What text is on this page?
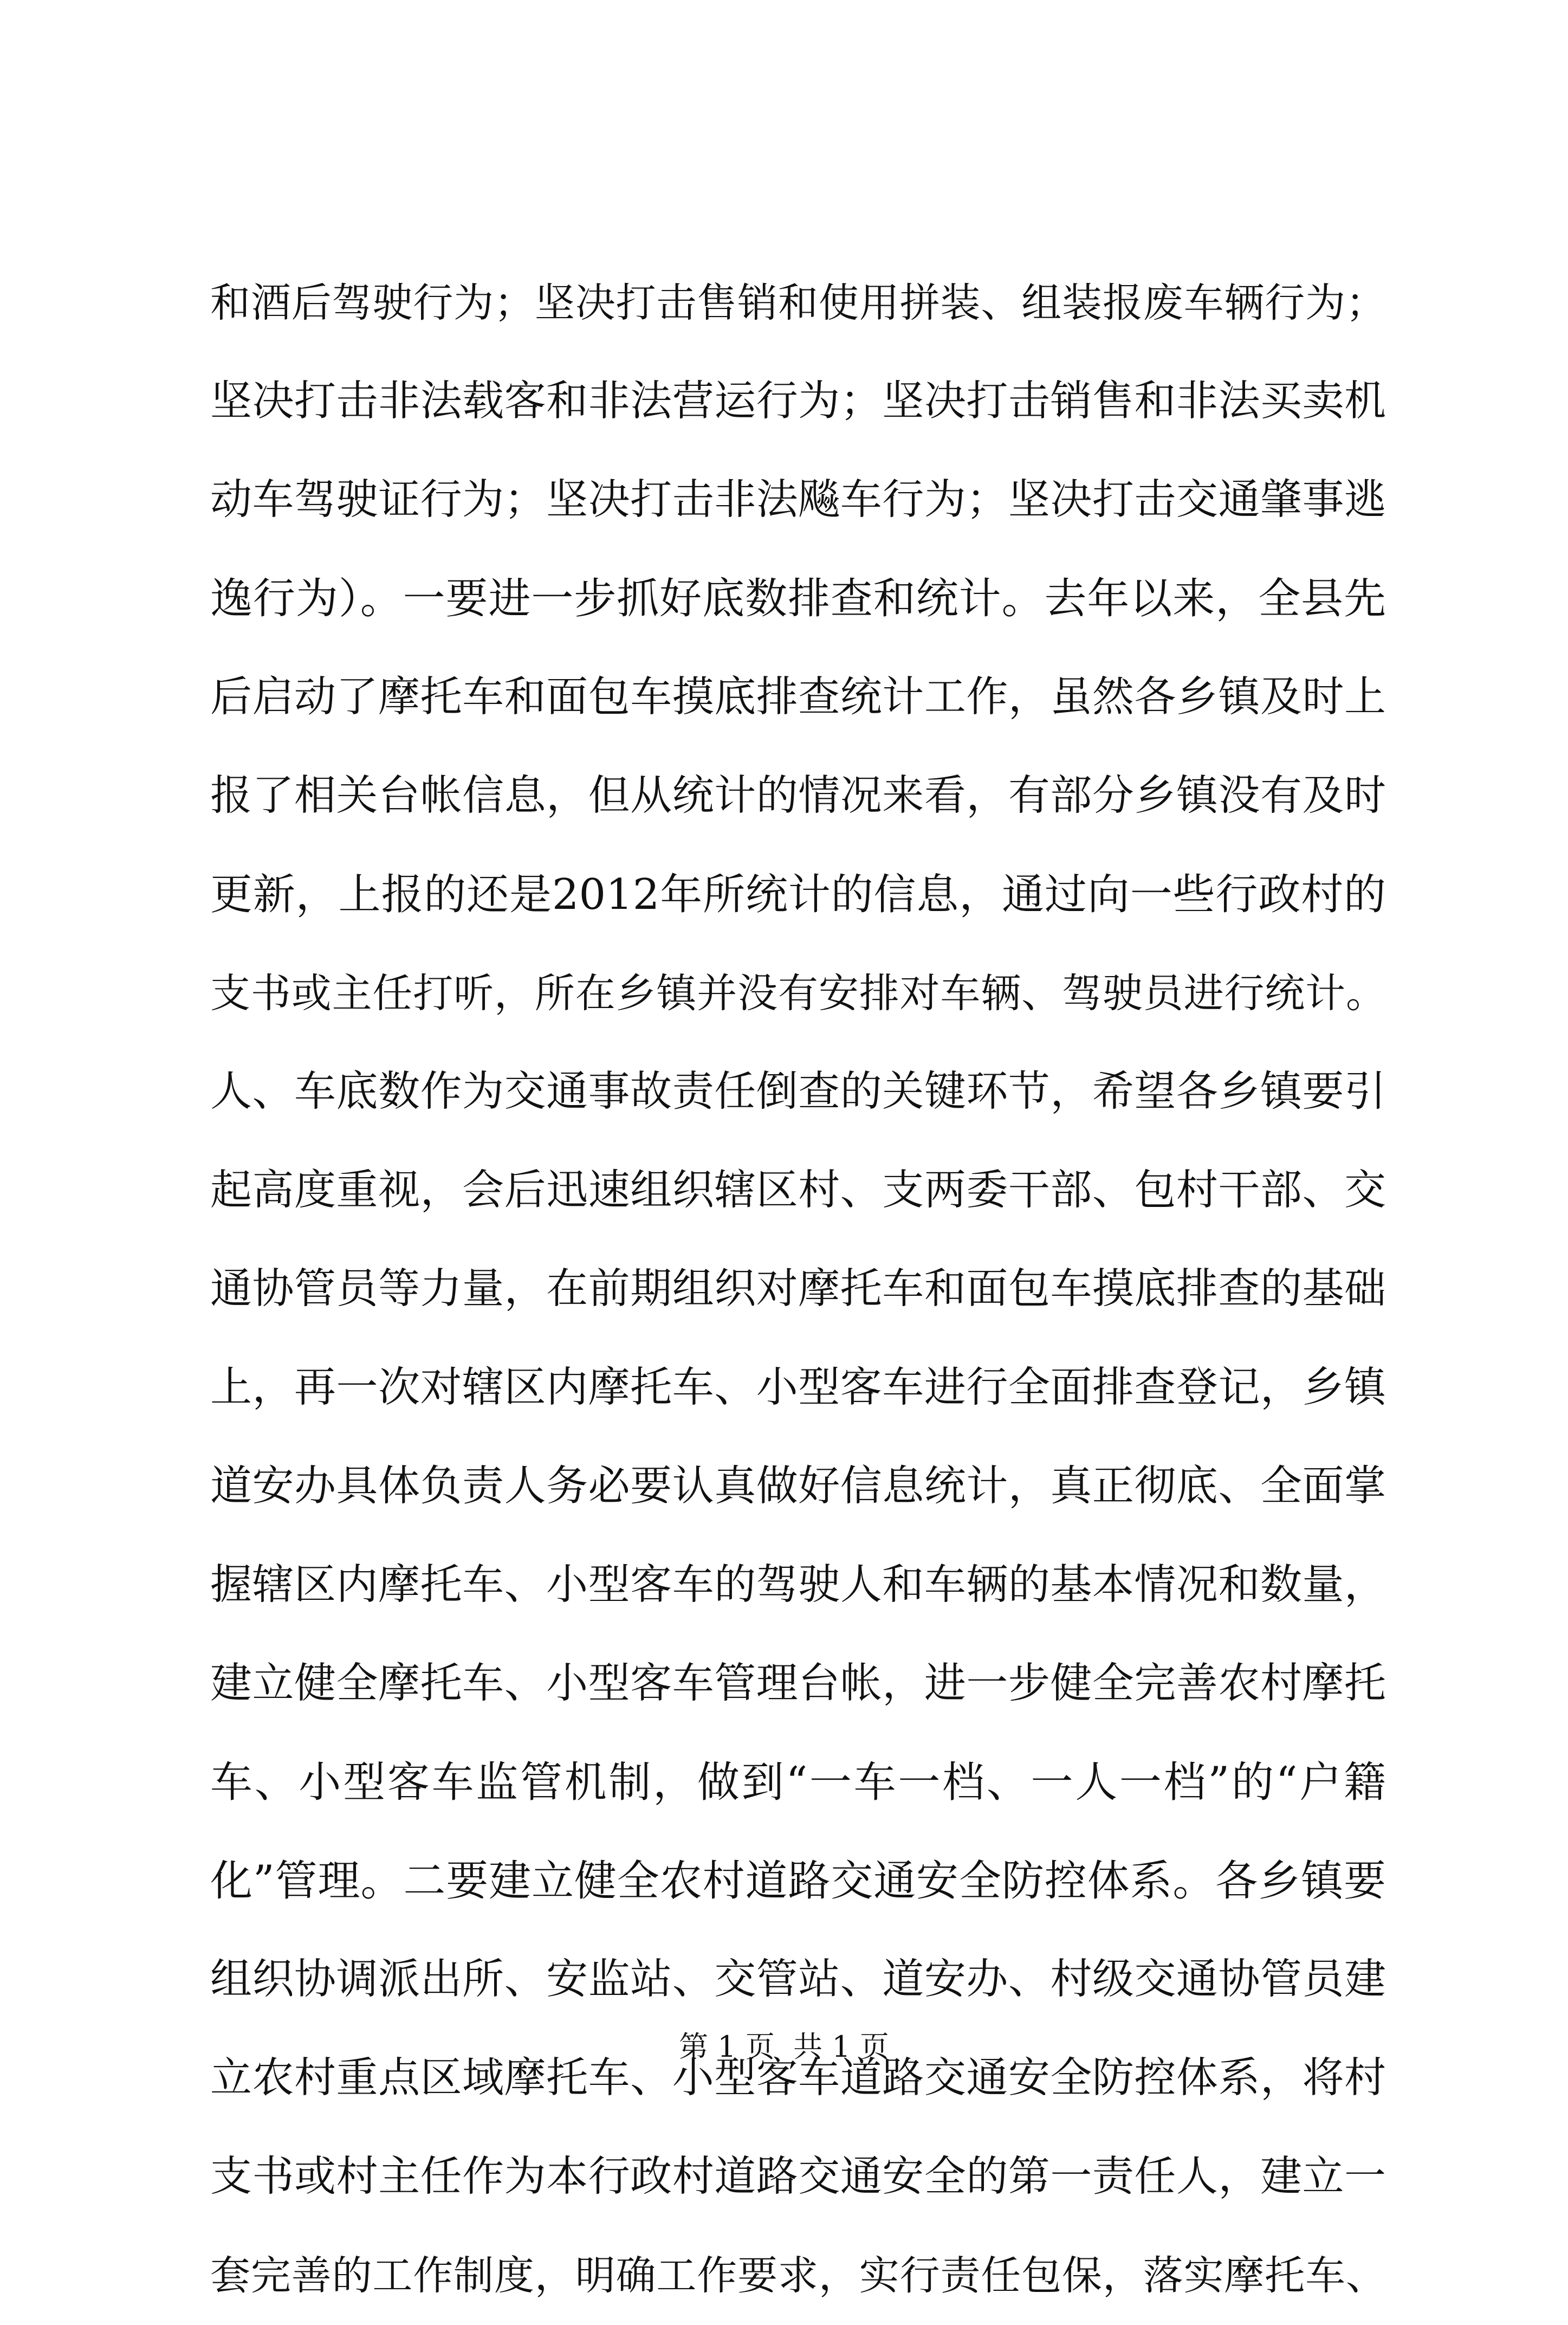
和酒后驾驶行为；坚决打击售销和使用拼装、组装报废车辆行为；
坚决打击非法载客和非法营运行为；坚决打击销售和非法买卖机
动车驾驶证行为；坚决打击非法飚车行为；坚决打击交通肇事逃
逸行为）。一要进一步抓好底数排查和统计。去年以来，全县先
后启动了摩托车和面包车摸底排查统计工作，虽然各乡镇及时上
报了相关台帐信息，但从统计的情况来看，有部分乡镇没有及时
更新，上报的还是2012年所统计的信息，通过向一些行政村的
支书或主任打听，所在乡镇并没有安排对车辆、驾驶员进行统计。
人、车底数作为交通事故责任倒查的关键环节，希望各乡镇要引
起高度重视，会后迅速组织辖区村、支两委干部、包村干部、交
通协管员等力量，在前期组织对摩托车和面包车摸底排查的基础
上，再一次对辖区内摩托车、小型客车进行全面排查登记，乡镇
道安办具体负责人务必要认真做好信息统计，真正彻底、全面掌
握辖区内摩托车、小型客车的驾驶人和车辆的基本情况和数量，
建立健全摩托车、小型客车管理台帐，进一步健全完善农村摩托
车、小型客车监管机制，做到“一车一档、一人一档”的“户籍
化”管理。二要建立健全农村道路交通安全防控体系。各乡镇要
组织协调派出所、安监站、交管站、道安办、村级交通协管员建
立农村重点区域摩托车、小型客车道路交通安全防控体系，将村
支书或村主任作为本行政村道路交通安全的第一责任人，建立一
套完善的工作制度，明确工作要求，实行责任包保，落实摩托车、
第 1 页  共 1 页
